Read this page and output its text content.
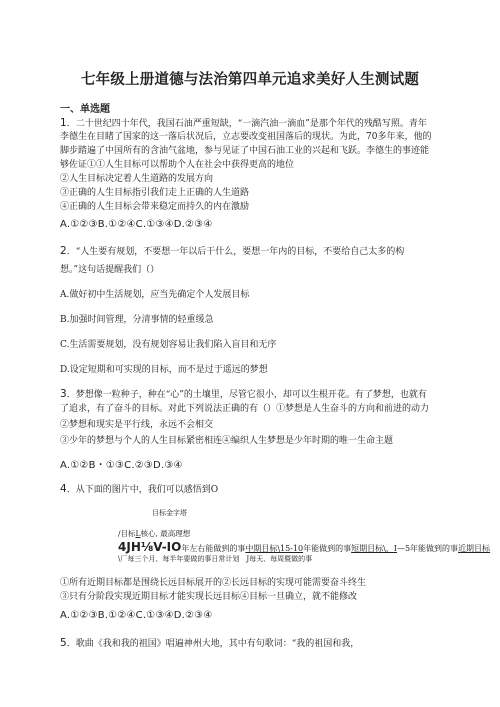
七年级上册道德与法治第四单元追求美好人生测试题
一、单选题
1．二十世纪四十年代，我国石油严重短缺，“一滴汽油一滴血”是那个年代的残酷写照。青年
李德生在目睹了国家的这一落后状况后，立志要改变祖国落后的现状。为此，70多年来，他的
脚步踏遍了中国所有的含油气盆地，参与见证了中国石油工业的兴起和飞跃。李德生的事迹能
够佐证①①人生目标可以帮助个人在社会中获得更高的地位
②人生目标决定着人生道路的发展方向
③正确的人生目标指引我们走上正确的人生道路
④正确的人生目标会带来稳定而持久的内在激励
A.①②③B.①②④C.①③④D.②③④
2．“人生要有规划，不要想一年以后干什么，要想一年内的目标，不要给自己太多的构
想。”这句话提醒我们（）
A.做好初中生活规划，应当先确定个人发展目标
B.加强时间管理，分清事情的轻重缓急
C.生活需要规划，没有规划容易让我们陷入盲目和无序
D.设定短期和可实现的目标，而不是过于遥远的梦想
3．梦想像一粒种子，种在“心”的土壤里，尽管它很小，却可以生根开花。有了梦想，也就有
了追求，有了奋斗的目标。对此下列说法正确的有（）①梦想是人生奋斗的方向和前进的动力
②梦想和现实是平行线，永远不会相交
③少年的梦想与个人的人生目标紧密相连④编织人生梦想是少年时期的唯一生命主题
A.①②B・①③C.②③D.③④
4．从下面的图片中，我们可以感悟到O
目标金字塔
/目标L核心, 最高理想
4JH⅛V-IO年左右能做到的事中期目标\15-10年能做到的事短期目标\，I—5年能做到的事近期目标
\厂每三个月、每半年要做的事日常计划　J每天、每周暨做的事
①所有近期目标都是围绕长远目标展开的②长远目标的实现可能需要奋斗终生
③只有分阶段实现近期目标才能实现长远目标④目标一旦确立，就不能修改
A.①②③B.①②④C.①③④D.②③④
5．歌曲《我和我的祖国》唱遍神州大地，其中有句歌词：“我的祖国和我，
